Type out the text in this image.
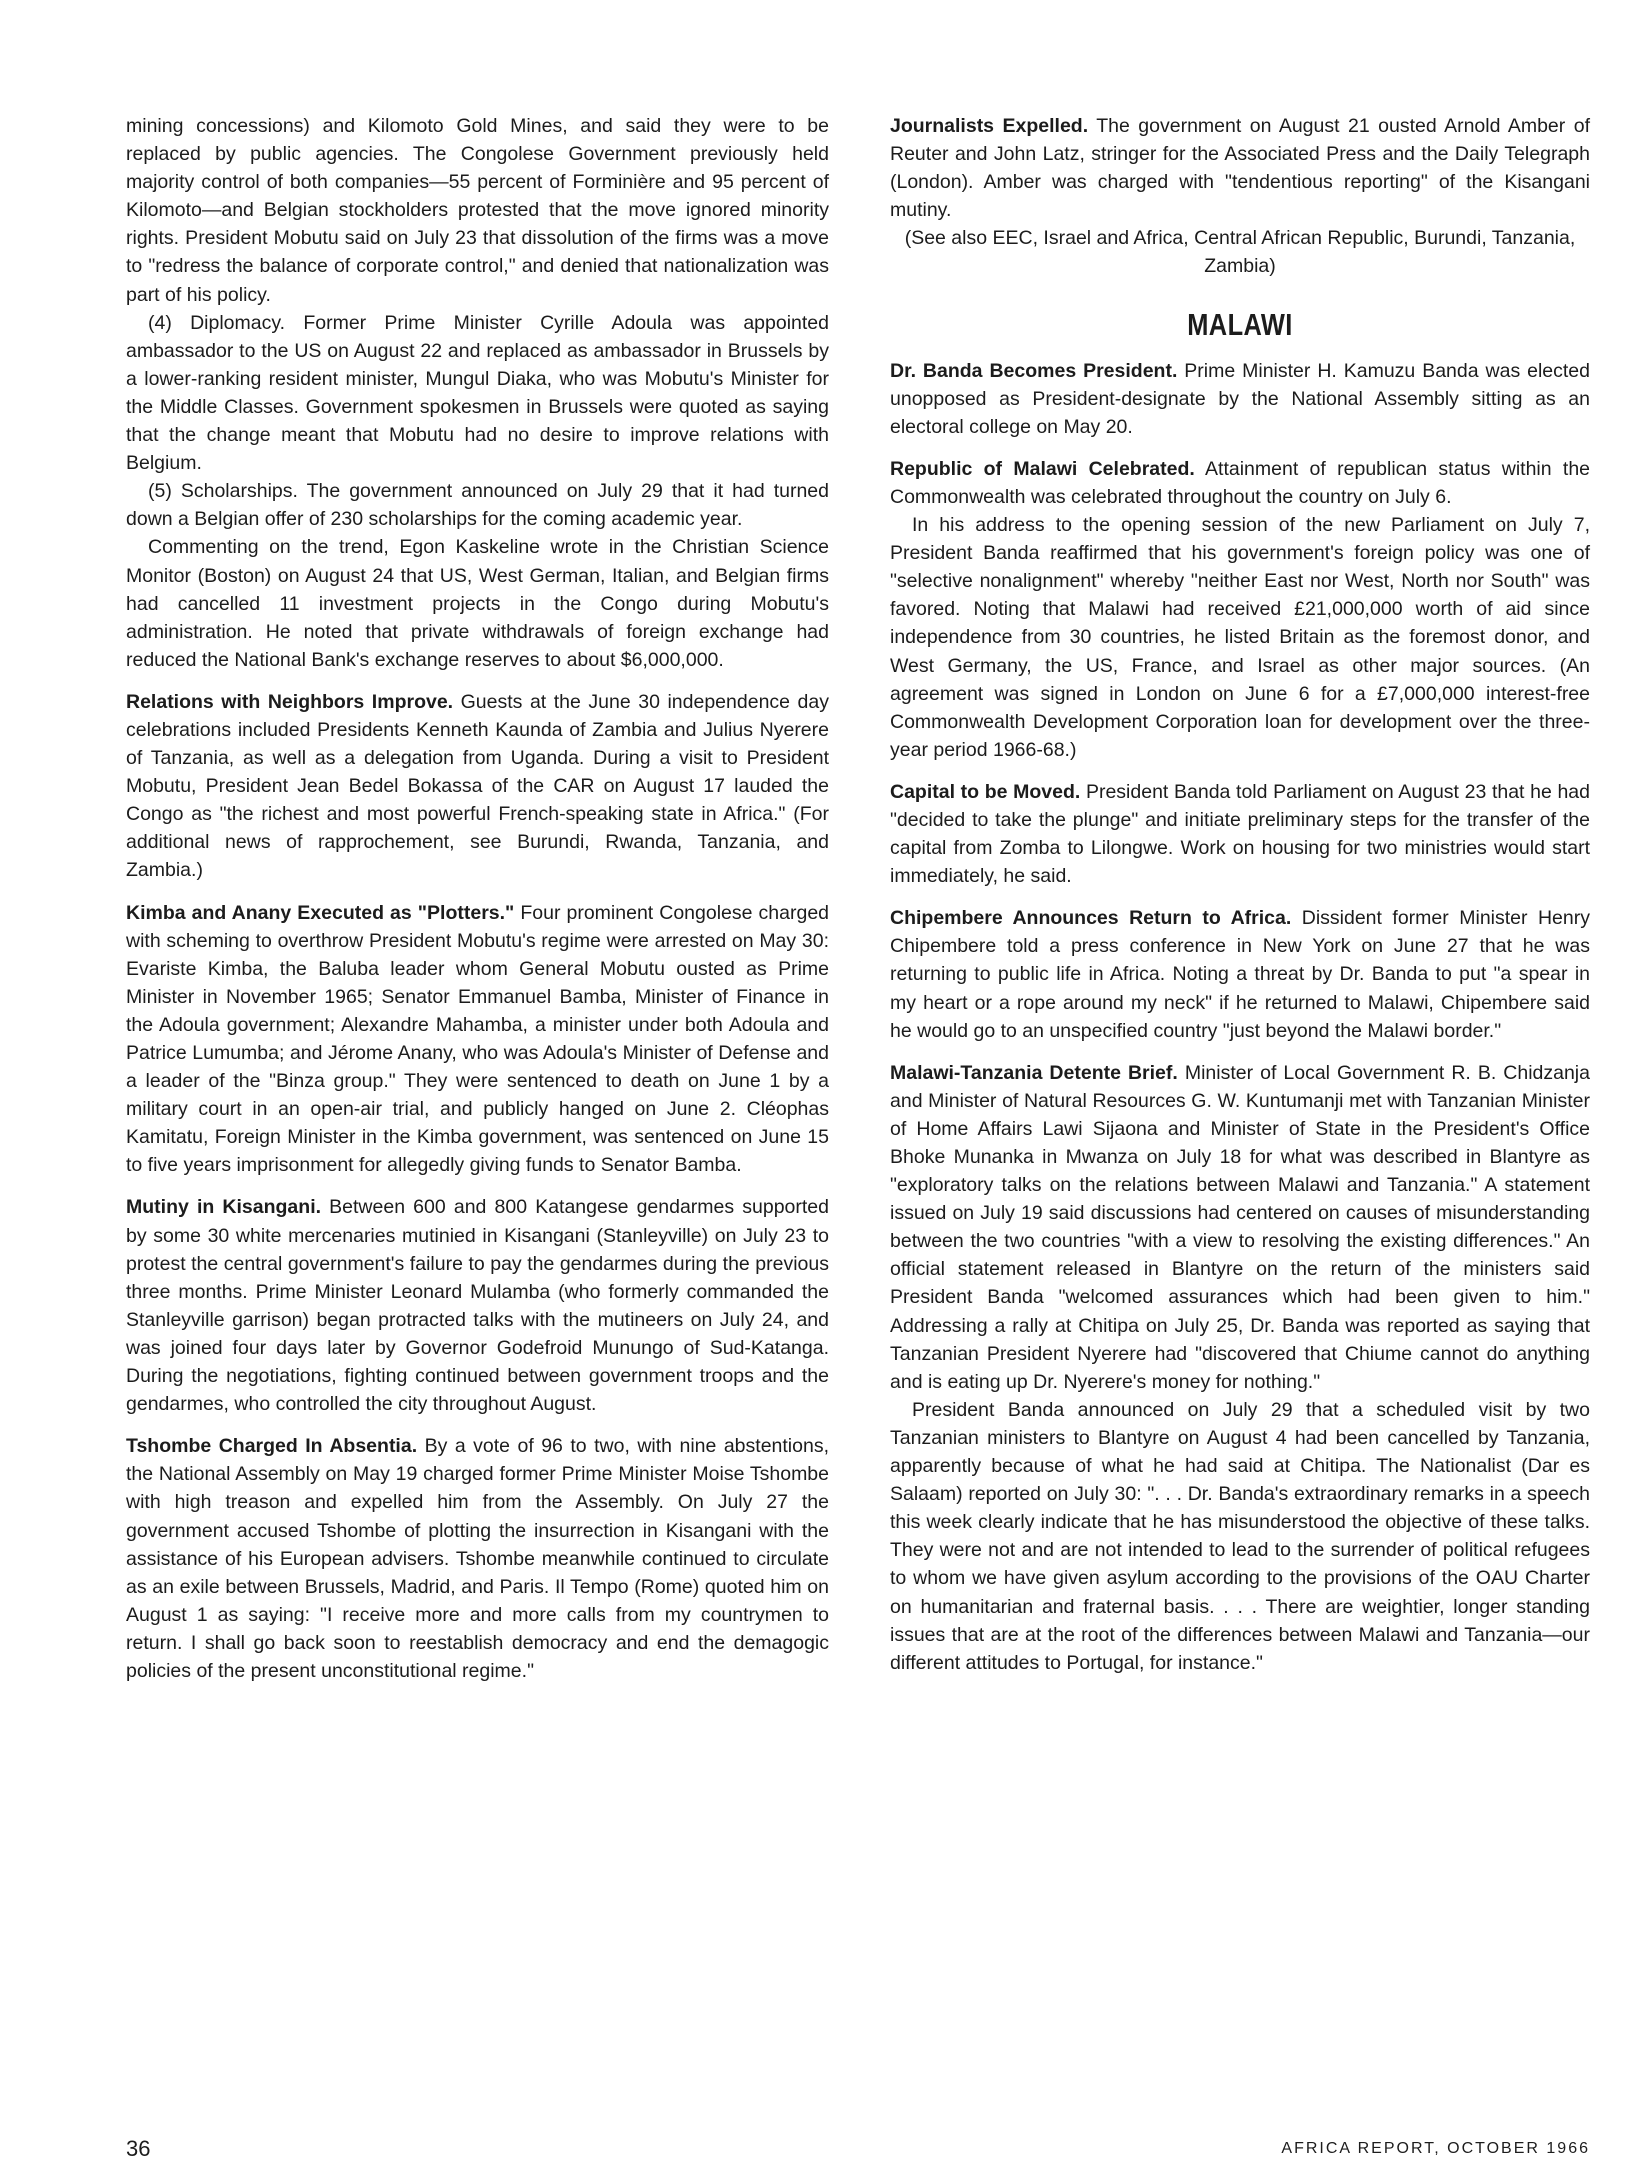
mining concessions) and Kilomoto Gold Mines, and said they were to be replaced by public agencies. The Congolese Government previously held majority control of both companies—55 percent of Forminière and 95 percent of Kilomoto—and Belgian stockholders protested that the move ignored minority rights. President Mobutu said on July 23 that dissolution of the firms was a move to "redress the balance of corporate control," and denied that nationalization was part of his policy.

(4) Diplomacy. Former Prime Minister Cyrille Adoula was appointed ambassador to the US on August 22 and replaced as ambassador in Brussels by a lower-ranking resident minister, Mungul Diaka, who was Mobutu's Minister for the Middle Classes. Government spokesmen in Brussels were quoted as saying that the change meant that Mobutu had no desire to improve relations with Belgium.

(5) Scholarships. The government announced on July 29 that it had turned down a Belgian offer of 230 scholarships for the coming academic year.

Commenting on the trend, Egon Kaskeline wrote in the Christian Science Monitor (Boston) on August 24 that US, West German, Italian, and Belgian firms had cancelled 11 investment projects in the Congo during Mobutu's administration. He noted that private withdrawals of foreign exchange had reduced the National Bank's exchange reserves to about $6,000,000.

Relations with Neighbors Improve. Guests at the June 30 independence day celebrations included Presidents Kenneth Kaunda of Zambia and Julius Nyerere of Tanzania, as well as a delegation from Uganda. During a visit to President Mobutu, President Jean Bedel Bokassa of the CAR on August 17 lauded the Congo as "the richest and most powerful French-speaking state in Africa." (For additional news of rapprochement, see Burundi, Rwanda, Tanzania, and Zambia.)

Kimba and Anany Executed as "Plotters." Four prominent Congolese charged with scheming to overthrow President Mobutu's regime were arrested on May 30: Evariste Kimba, the Baluba leader whom General Mobutu ousted as Prime Minister in November 1965; Senator Emmanuel Bamba, Minister of Finance in the Adoula government; Alexandre Mahamba, a minister under both Adoula and Patrice Lumumba; and Jérome Anany, who was Adoula's Minister of Defense and a leader of the "Binza group." They were sentenced to death on June 1 by a military court in an open-air trial, and publicly hanged on June 2. Cléophas Kamitatu, Foreign Minister in the Kimba government, was sentenced on June 15 to five years imprisonment for allegedly giving funds to Senator Bamba.

Mutiny in Kisangani. Between 600 and 800 Katangese gendarmes supported by some 30 white mercenaries mutinied in Kisangani (Stanleyville) on July 23 to protest the central government's failure to pay the gendarmes during the previous three months. Prime Minister Leonard Mulamba (who formerly commanded the Stanleyville garrison) began protracted talks with the mutineers on July 24, and was joined four days later by Governor Godefroid Munungo of Sud-Katanga. During the negotiations, fighting continued between government troops and the gendarmes, who controlled the city throughout August.

Tshombe Charged In Absentia. By a vote of 96 to two, with nine abstentions, the National Assembly on May 19 charged former Prime Minister Moise Tshombe with high treason and expelled him from the Assembly. On July 27 the government accused Tshombe of plotting the insurrection in Kisangani with the assistance of his European advisers. Tshombe meanwhile continued to circulate as an exile between Brussels, Madrid, and Paris. Il Tempo (Rome) quoted him on August 1 as saying: "I receive more and more calls from my countrymen to return. I shall go back soon to reestablish democracy and end the demagogic policies of the present unconstitutional regime."

Journalists Expelled. The government on August 21 ousted Arnold Amber of Reuter and John Latz, stringer for the Associated Press and the Daily Telegraph (London). Amber was charged with "tendentious reporting" of the Kisangani mutiny.

(See also EEC, Israel and Africa, Central African Republic, Burundi, Tanzania, Zambia)

MALAWI

Dr. Banda Becomes President. Prime Minister H. Kamuzu Banda was elected unopposed as President-designate by the National Assembly sitting as an electoral college on May 20.

Republic of Malawi Celebrated. Attainment of republican status within the Commonwealth was celebrated throughout the country on July 6.

In his address to the opening session of the new Parliament on July 7, President Banda reaffirmed that his government's foreign policy was one of "selective nonalignment" whereby "neither East nor West, North nor South" was favored. Noting that Malawi had received £21,000,000 worth of aid since independence from 30 countries, he listed Britain as the foremost donor, and West Germany, the US, France, and Israel as other major sources. (An agreement was signed in London on June 6 for a £7,000,000 interest-free Commonwealth Development Corporation loan for development over the three-year period 1966-68.)

Capital to be Moved. President Banda told Parliament on August 23 that he had "decided to take the plunge" and initiate preliminary steps for the transfer of the capital from Zomba to Lilongwe. Work on housing for two ministries would start immediately, he said.

Chipembere Announces Return to Africa. Dissident former Minister Henry Chipembere told a press conference in New York on June 27 that he was returning to public life in Africa. Noting a threat by Dr. Banda to put "a spear in my heart or a rope around my neck" if he returned to Malawi, Chipembere said he would go to an unspecified country "just beyond the Malawi border."

Malawi-Tanzania Detente Brief. Minister of Local Government R. B. Chidzanja and Minister of Natural Resources G. W. Kuntumanji met with Tanzanian Minister of Home Affairs Lawi Sijaona and Minister of State in the President's Office Bhoke Munanka in Mwanza on July 18 for what was described in Blantyre as "exploratory talks on the relations between Malawi and Tanzania." A statement issued on July 19 said discussions had centered on causes of misunderstanding between the two countries "with a view to resolving the existing differences." An official statement released in Blantyre on the return of the ministers said President Banda "welcomed assurances which had been given to him." Addressing a rally at Chitipa on July 25, Dr. Banda was reported as saying that Tanzanian President Nyerere had "discovered that Chiume cannot do anything and is eating up Dr. Nyerere's money for nothing."

President Banda announced on July 29 that a scheduled visit by two Tanzanian ministers to Blantyre on August 4 had been cancelled by Tanzania, apparently because of what he had said at Chitipa. The Nationalist (Dar es Salaam) reported on July 30: ". . . Dr. Banda's extraordinary remarks in a speech this week clearly indicate that he has misunderstood the objective of these talks. They were not and are not intended to lead to the surrender of political refugees to whom we have given asylum according to the provisions of the OAU Charter on humanitarian and fraternal basis. . . . There are weightier, longer standing issues that are at the root of the differences between Malawi and Tanzania—our different attitudes to Portugal, for instance."

36	AFRICA REPORT, OCTOBER 1966
